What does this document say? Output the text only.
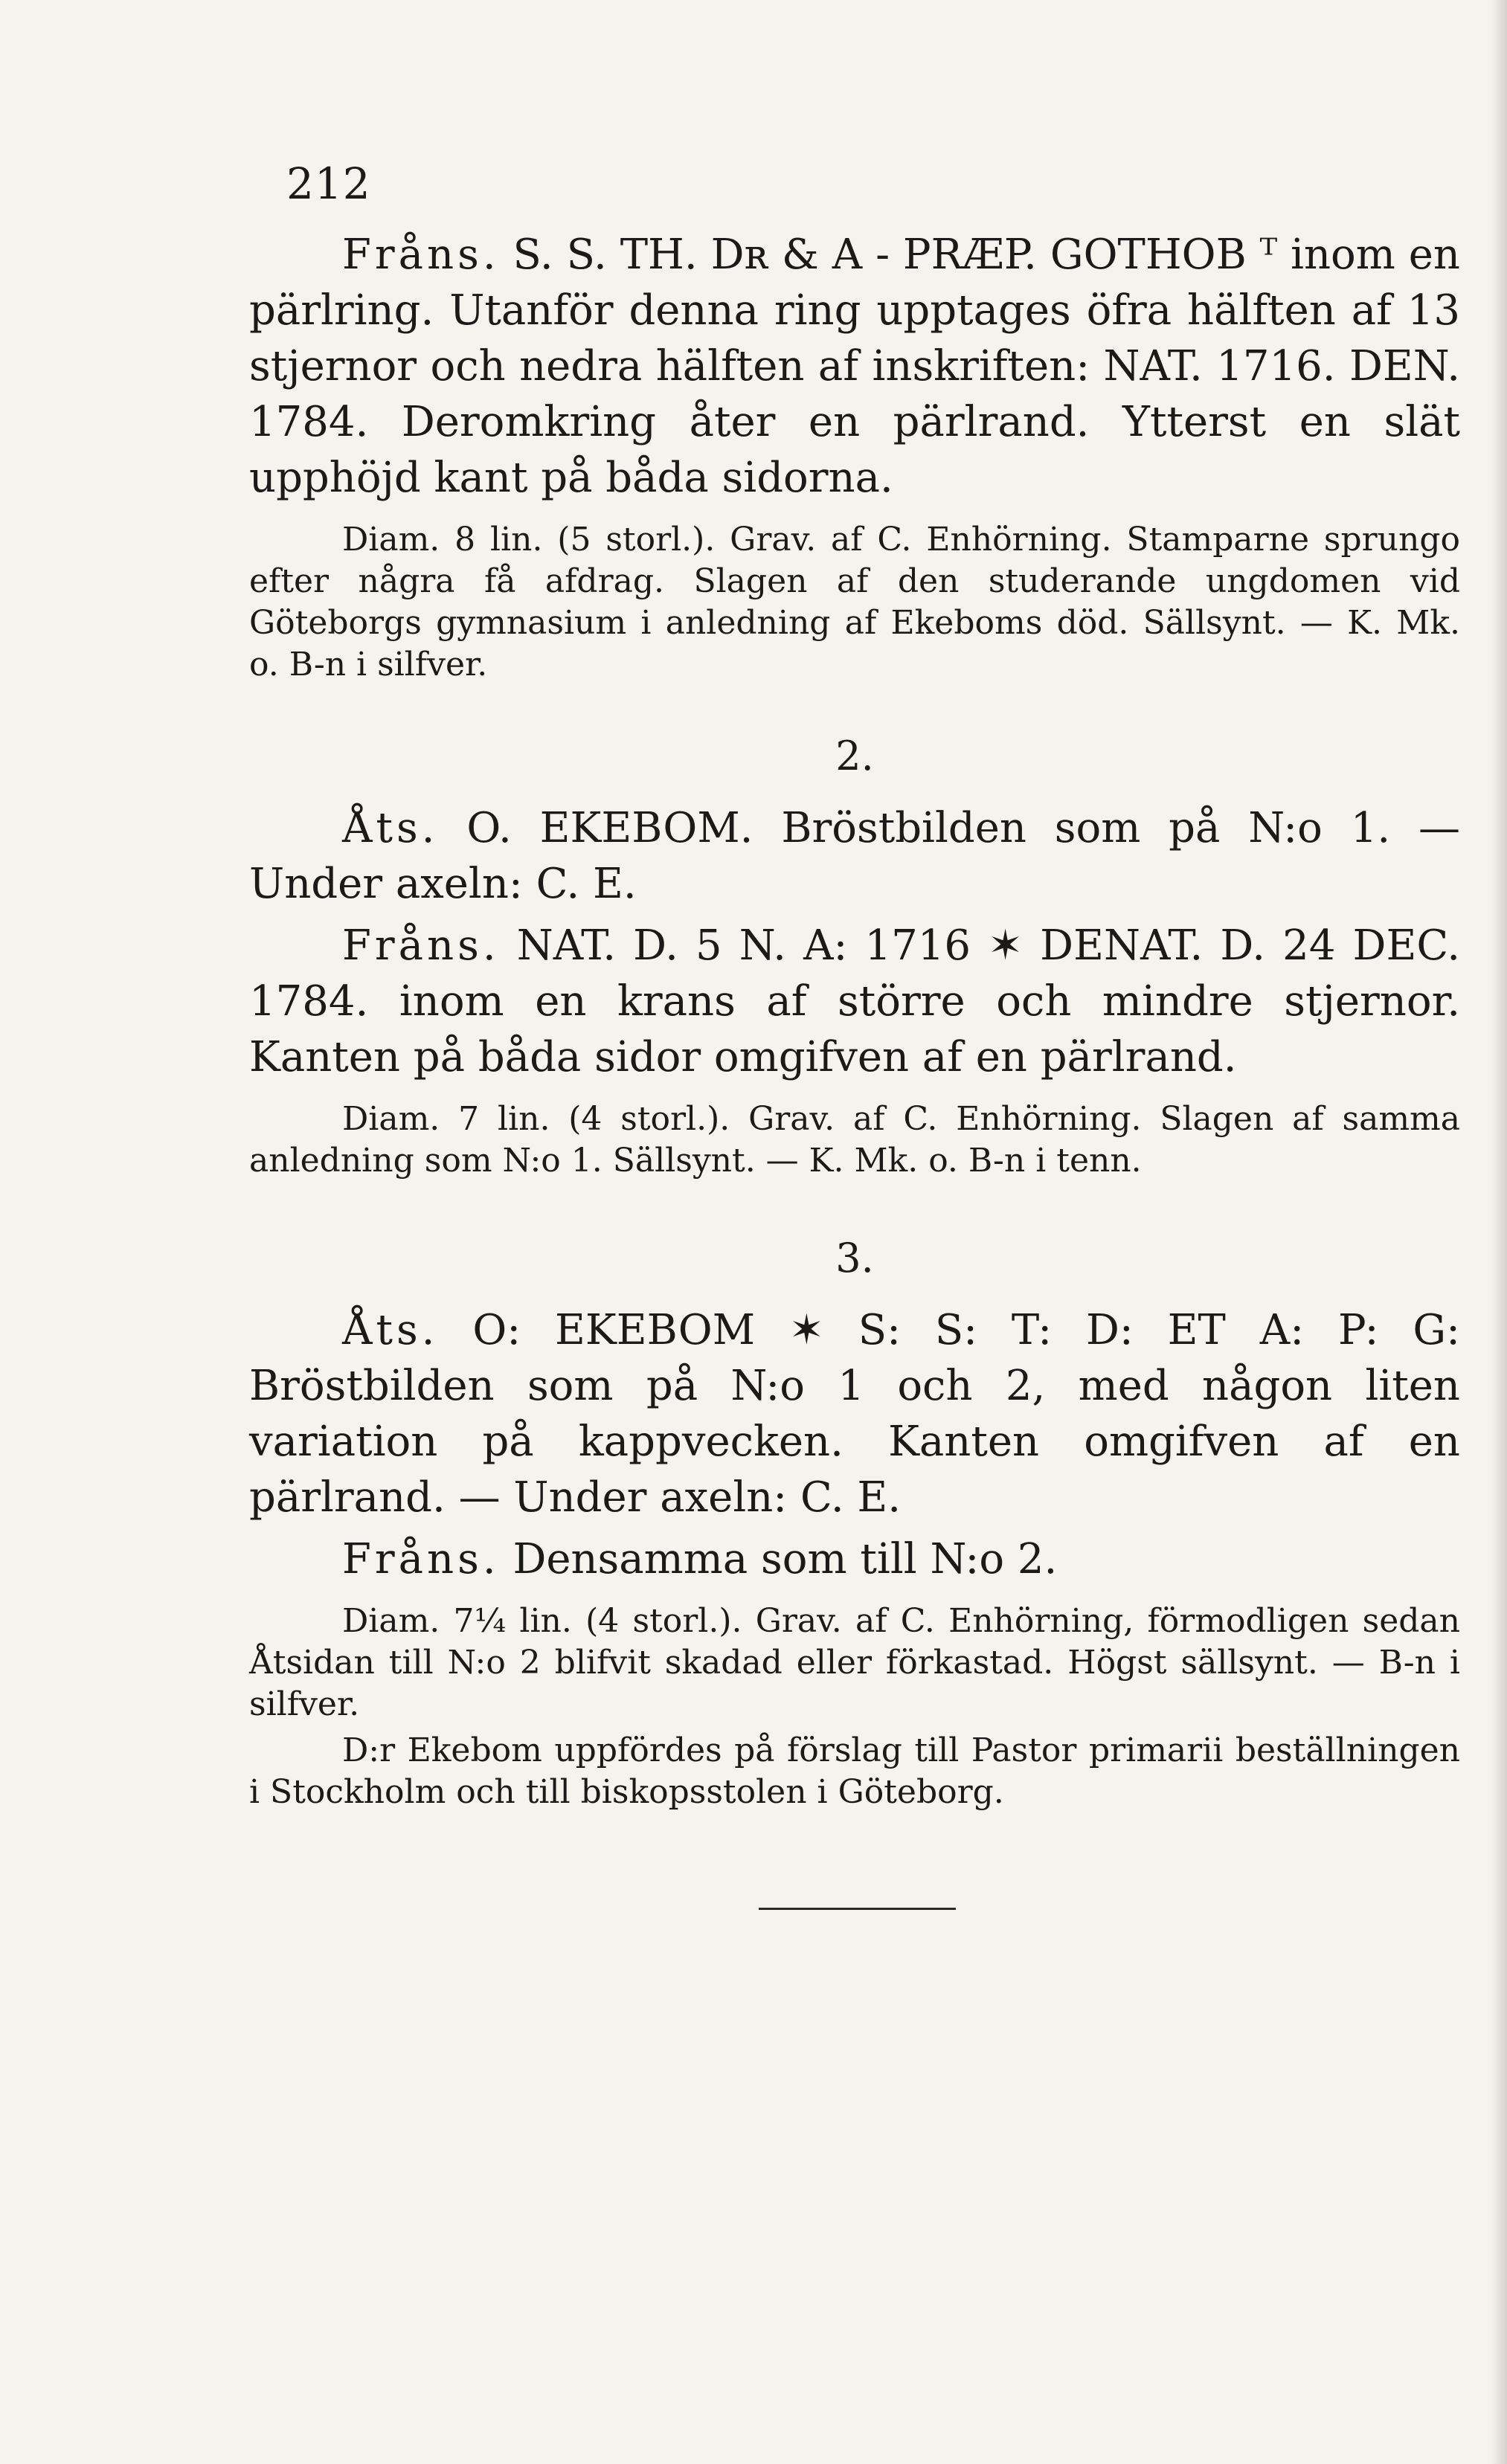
212

Fråns. S. S. TH. Dʀ & A - PRÆP. GOTHOB ᵀ inom en pärlring. Utanför denna ring upptages öfra hälften af 13 stjernor och nedra hälften af inskriften: NAT. 1716. DEN. 1784. Deromkring åter en pärlrand. Ytterst en slät upphöjd kant på båda sidorna.

Diam. 8 lin. (5 storl.). Grav. af C. Enhörning. Stamparne sprungo efter några få afdrag. Slagen af den studerande ungdomen vid Göteborgs gymnasium i anledning af Ekeboms död. Sällsynt. — K. Mk. o. B-n i silfver.

2.

Åts. O. EKEBOM. Bröstbilden som på N:o 1. — Under axeln: C. E.

Fråns. NAT. D. 5 N. A: 1716 ✶ DENAT. D. 24 DEC. 1784. inom en krans af större och mindre stjernor. Kanten på båda sidor omgifven af en pärlrand.

Diam. 7 lin. (4 storl.). Grav. af C. Enhörning. Slagen af samma anledning som N:o 1. Sällsynt. — K. Mk. o. B-n i tenn.

3.

Åts. O: EKEBOM ✶ S: S: T: D: ET A: P: G: Bröstbilden som på N:o 1 och 2, med någon liten variation på kappvecken. Kanten omgifven af en pärlrand. — Under axeln: C. E.

Fråns. Densamma som till N:o 2.

Diam. 7¼ lin. (4 storl.). Grav. af C. Enhörning, förmodligen sedan Åtsidan till N:o 2 blifvit skadad eller förkastad. Högst sällsynt. — B-n i silfver.

D:r Ekebom uppfördes på förslag till Pastor primarii beställningen i Stockholm och till biskopsstolen i Göteborg.
